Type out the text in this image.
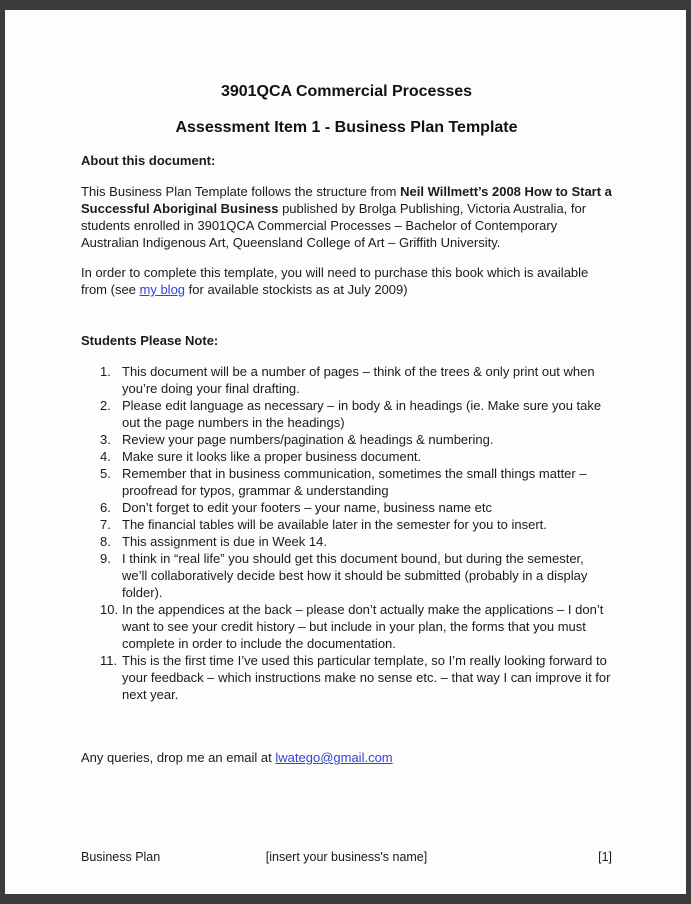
3901QCA Commercial Processes
Assessment Item 1 - Business Plan Template

About this document:

This Business Plan Template follows the structure from Neil Willmett’s 2008 How to Start a Successful Aboriginal Business published by Brolga Publishing, Victoria Australia, for students enrolled in 3901QCA Commercial Processes – Bachelor of Contemporary Australian Indigenous Art, Queensland College of Art – Griffith University.

In order to complete this template, you will need to purchase this book which is available from (see my blog for available stockists as at July 2009)

Students Please Note:

1. This document will be a number of pages – think of the trees & only print out when you’re doing your final drafting.
2. Please edit language as necessary – in body & in headings (ie. Make sure you take out the page numbers in the headings)
3. Review your page numbers/pagination & headings & numbering.
4. Make sure it looks like a proper business document.
5. Remember that in business communication, sometimes the small things matter – proofread for typos, grammar & understanding
6. Don’t forget to edit your footers – your name, business name etc
7. The financial tables will be available later in the semester for you to insert.
8. This assignment is due in Week 14.
9. I think in “real life” you should get this document bound, but during the semester, we’ll collaboratively decide best how it should be submitted (probably in a display folder).
10. In the appendices at the back – please don’t actually make the applications – I don’t want to see your credit history – but include in your plan, the forms that you must complete in order to include the documentation.
11. This is the first time I’ve used this particular template, so I’m really looking forward to your feedback – which instructions make no sense etc. – that way I can improve it for next year.

Any queries, drop me an email at lwatego@gmail.com

Business Plan	[insert your business's name]	[1]
